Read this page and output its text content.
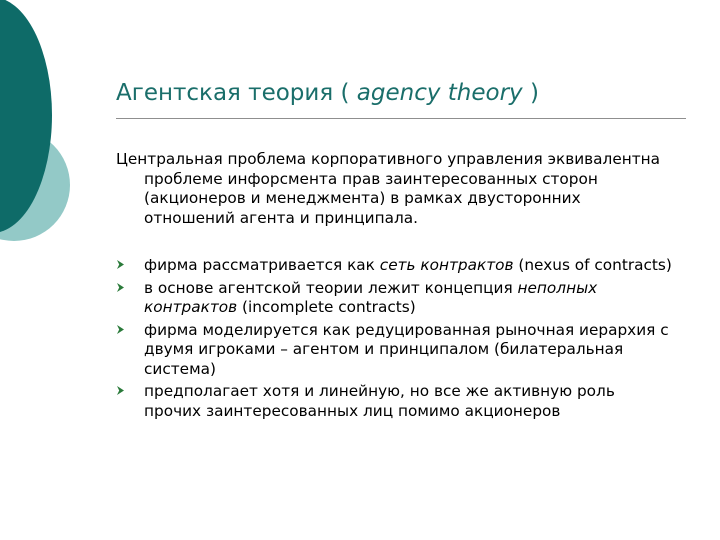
Агентская теория ( agency theory )

Центральная проблема корпоративного управления эквивалентна проблеме инфорсмента прав заинтересованных сторон (акционеров и менеджмента) в рамках двусторонних отношений агента и принципала.

фирма рассматривается как сеть контрактов (nexus of contracts)
в основе агентской теории лежит концепция неполных контрактов (incomplete contracts)
фирма моделируется как редуцированная рыночная иерархия с двумя игроками – агентом и принципалом (билатеральная система)
предполагает хотя и линейную, но все же активную роль прочих заинтересованных лиц помимо акционеров
